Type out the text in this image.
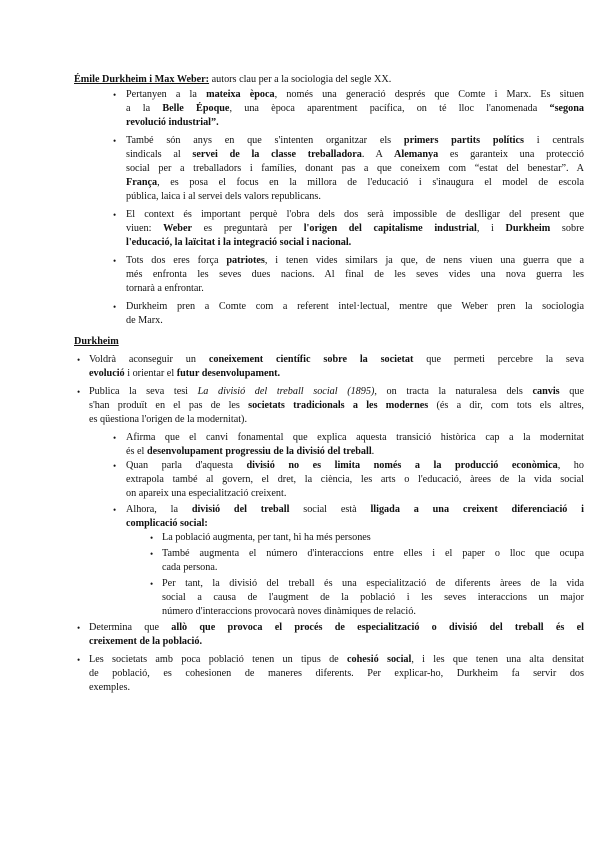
Émile Durkheim i Max Weber: autors clau per a la sociologia del segle XX.
Durkheim
Pertanyen a la mateixa època, només una generació després que Comte i Marx. Es situen
•
a la Belle Époque, una època aparentment pacífica, on té lloc l'anomenada “segona
revolució industrial”.
També són anys en que s'intenten organitzar els primers partits polítics i centrals
•
sindicals al servei de la classe treballadora. A Alemanya es garanteix una protecció
social per a treballadors i famílies, donant pas a que coneixem com “estat del benestar”. A
França, es posa el focus en la millora de l'educació i s'inaugura el model de escola
pública, laica i al servei dels valors republicans.
El context és important perquè l'obra dels dos serà impossible de deslligar del present que
•
viuen: Weber es preguntarà per l'origen del capitalisme industrial, i Durkheim sobre
l'educació, la laïcitat i la integració social i nacional.
Tots dos eres força patriotes, i tenen vides similars ja que, de nens viuen una guerra que a
•
més enfronta les seves dues nacions. Al final de les seves vides una nova guerra les
tornarà a enfrontar.
Durkheim pren a Comte com a referent intel·lectual, mentre que Weber pren la sociologia
•
de Marx.
Voldrà aconseguir un coneixement científic sobre la societat que permeti percebre la seva
•
evolució i orientar el futur desenvolupament.
Publica la seva tesi La divisió del treball social (1895), on tracta la naturalesa dels canvis que
•
s'han produït en el pas de les societats tradicionals a les modernes (és a dir, com tots els altres,
es qüestiona l'origen de la modernitat).
Afirma que el canvi fonamental que explica aquesta transició històrica cap a la modernitat
•
és el desenvolupament progressiu de la divisió del treball.
Quan parla d'aquesta divisió no es limita només a la producció econòmica, ho
•
extrapola també al govern, el dret, la ciència, les arts o l'educació, àrees de la vida social
on apareix una especialització creixent.
Alhora, la divisió del treball social està lligada a una creixent diferenciació i
•
complicació social:
La població augmenta, per tant, hi ha més persones
•
També augmenta el número d'interaccions entre elles i el paper o lloc que ocupa
•
cada persona.
Per tant, la divisió del treball és una especialització de diferents àrees de la vida
•
social a causa de l'augment de la població i les seves interaccions un major
número d'interaccions provocarà noves dinàmiques de relació.
Determina que allò que provoca el procés de especialització o divisió del treball és el
•
creixement de la població.
Les societats amb poca població tenen un tipus de cohesió social, i les que tenen una alta densitat
•
de població, es cohesionen de maneres diferents. Per explicar-ho, Durkheim fa servir dos
exemples.
